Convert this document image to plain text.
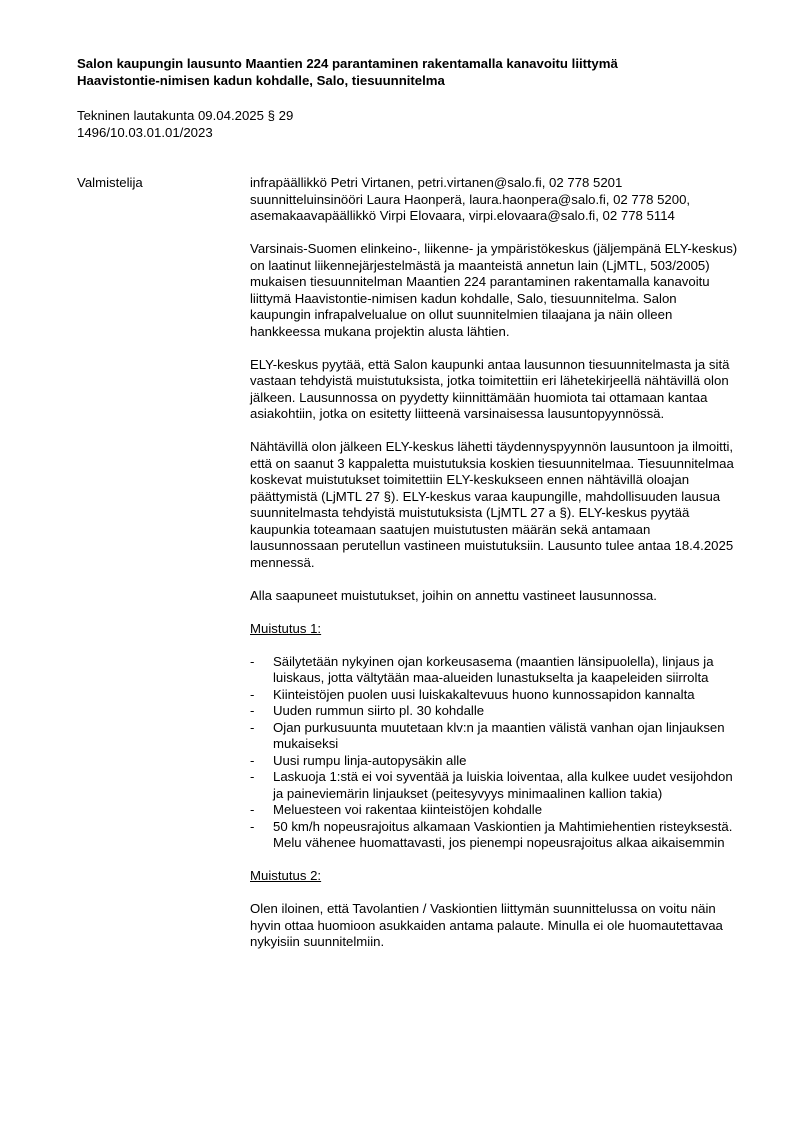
Salon kaupungin lausunto Maantien 224 parantaminen rakentamalla kanavoitu liittymä
Haavistontie-nimisen kadun kohdalle, Salo, tiesuunnitelma
Tekninen lautakunta 09.04.2025 § 29
1496/10.03.01.01/2023
Valmistelija	infrapäällikkö Petri Virtanen, petri.virtanen@salo.fi, 02 778 5201 suunnitteluinsinööri Laura Haonperä, laura.haonpera@salo.fi, 02 778 5200, asemakaavapäällikkö Virpi Elovaara, virpi.elovaara@salo.fi, 02 778 5114

Varsinais-Suomen elinkeino-, liikenne- ja ympäristökeskus (jäljempänä ELY-keskus) on laatinut liikennejärjestelmästä ja maanteistä annetun lain (LjMTL, 503/2005) mukaisen tiesuunnitelman Maantien 224 parantaminen rakentamalla kanavoitu liittymä Haavistontie-nimisen kadun kohdalle, Salo, tiesuunnitelma. Salon kaupungin infrapalvelualue on ollut suunnitelmien tilaajana ja näin olleen hankkeessa mukana projektin alusta lähtien.

ELY-keskus pyytää, että Salon kaupunki antaa lausunnon tiesuunnitelmasta ja sitä vastaan tehdyistä muistutuksista, jotka toimitettiin eri lähetekirjeellä nähtävillä olon jälkeen. Lausunnossa on pyydetty kiinnittämään huomiota tai ottamaan kantaa asiakohtiin, jotka on esitetty liitteenä varsinaisessa lausuntopyynnössä.

Nähtävillä olon jälkeen ELY-keskus lähetti täydennyspyynnön lausuntoon ja ilmoitti, että on saanut 3 kappaletta muistutuksia koskien tiesuunnitelmaa. Tiesuunnitelmaa koskevat muistutukset toimitettiin ELY-keskukseen ennen nähtävillä oloajan päättymistä (LjMTL 27 §). ELY-keskus varaa kaupungille, mahdollisuuden lausua suunnitelmasta tehdyistä muistutuksista (LjMTL 27 a §). ELY-keskus pyytää kaupunkia toteamaan saatujen muistutusten määrän sekä antamaan lausunnossaan perutellun vastineen muistutuksiin. Lausunto tulee antaa 18.4.2025 mennessä.

Alla saapuneet muistutukset, joihin on annettu vastineet lausunnossa.

Muistutus 1:

- Säilytetään nykyinen ojan korkeusasema (maantien länsipuolella), linjaus ja luiskaus, jotta vältytään maa-alueiden lunastukselta ja kaapeleiden siirrolta
- Kiinteistöjen puolen uusi luiskakaltevuus huono kunnossapidon kannalta
- Uuden rummun siirto pl. 30 kohdalle
- Ojan purkusuunta muutetaan klv:n ja maantien välistä vanhan ojan linjauksen mukaiseksi
- Uusi rumpu linja-autopysäkin alle
- Laskuoja 1:stä ei voi syventää ja luiskia loiventaa, alla kulkee uudet vesijohdon ja paineviemärin linjaukset (peitesyvyys minimaalinen kallion takia)
- Meluesteen voi rakentaa kiinteistöjen kohdalle
- 50 km/h nopeusrajoitus alkamaan Vaskiontien ja Mahtimiehentien risteyksestä. Melu vähenee huomattavasti, jos pienempi nopeusrajoitus alkaa aikaisemmin

Muistutus 2:

Olen iloinen, että Tavolantien / Vaskiontien liittymän suunnittelussa on voitu näin hyvin ottaa huomioon asukkaiden antama palaute. Minulla ei ole huomautettavaa nykyisiin suunnitelmiin.
